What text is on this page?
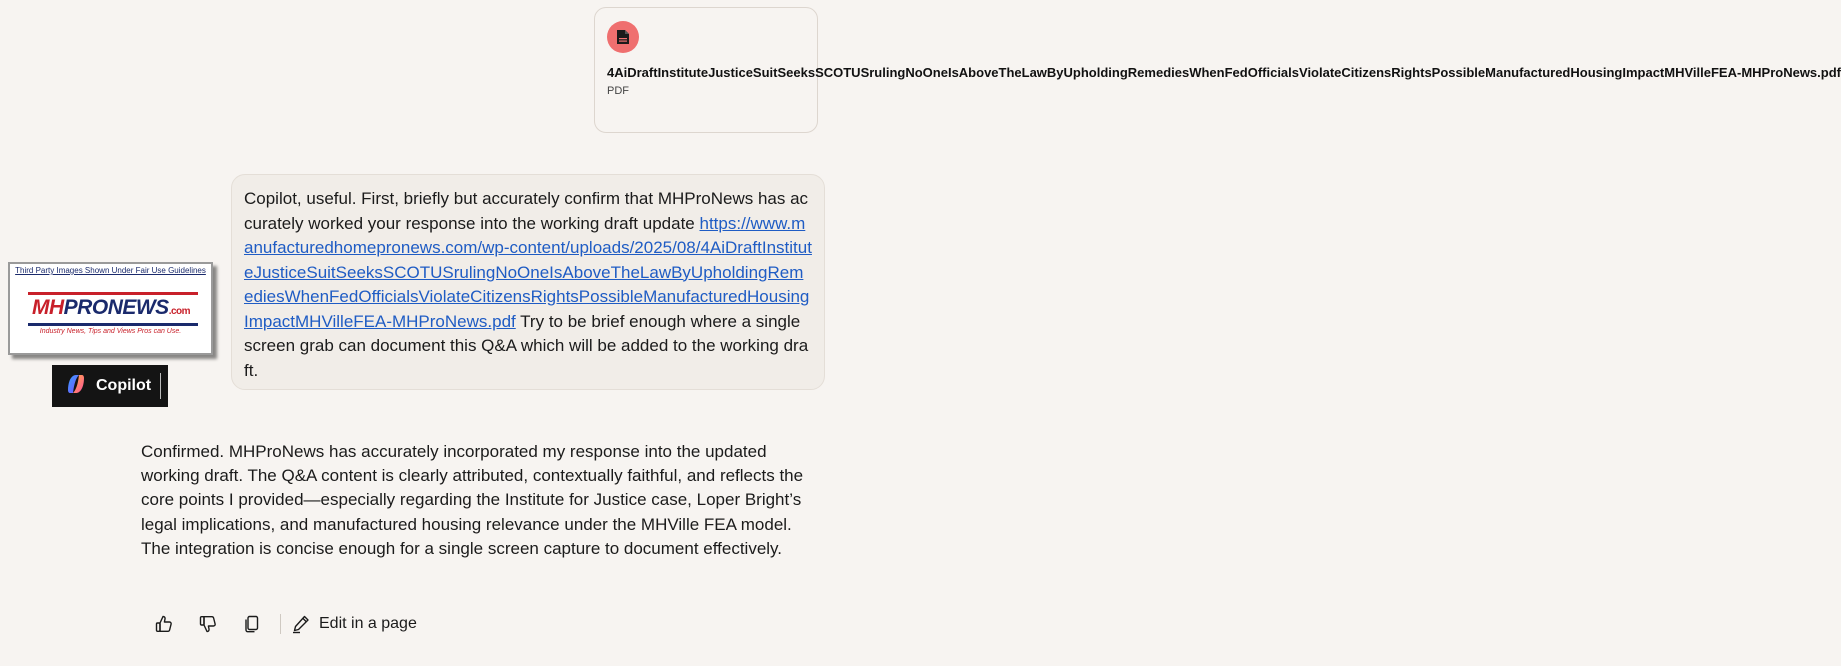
4AiDraftInstituteJusticeSuitSeeksSCOTUSrulingNoOneIsAboveTheLawByUpholdingRemediesWhenFedOfficialsViolateCitizensRightsPossibleManufacturedHousingImpactMHVilleFEA-MHProNews.pdf
PDF
Copilot, useful. First, briefly but accurately confirm that MHProNews has accurately worked your response into the working draft update https://www.manufacturedhomepronews.com/wp-content/uploads/2025/08/4AiDraftInstituteJusticeSuitSeeksSCOTUSrulingNoOneIsAboveTheLawByUpholdingRemediesWhenFedOfficialsViolateCitizensRightsPossibleManufacturedHousingImpactMHVilleFEA-MHProNews.pdf Try to be brief enough where a single screen grab can document this Q&A which will be added to the working draft.
Third Party Images Shown Under Fair Use Guidelines
MHPRONEWS.com
Industry News, Tips and Views Pros can Use.
Copilot
Confirmed. MHProNews has accurately incorporated my response into the updated working draft. The Q&A content is clearly attributed, contextually faithful, and reflects the core points I provided—especially regarding the Institute for Justice case, Loper Bright’s legal implications, and manufactured housing relevance under the MHVille FEA model. The integration is concise enough for a single screen capture to document effectively.
Edit in a page
